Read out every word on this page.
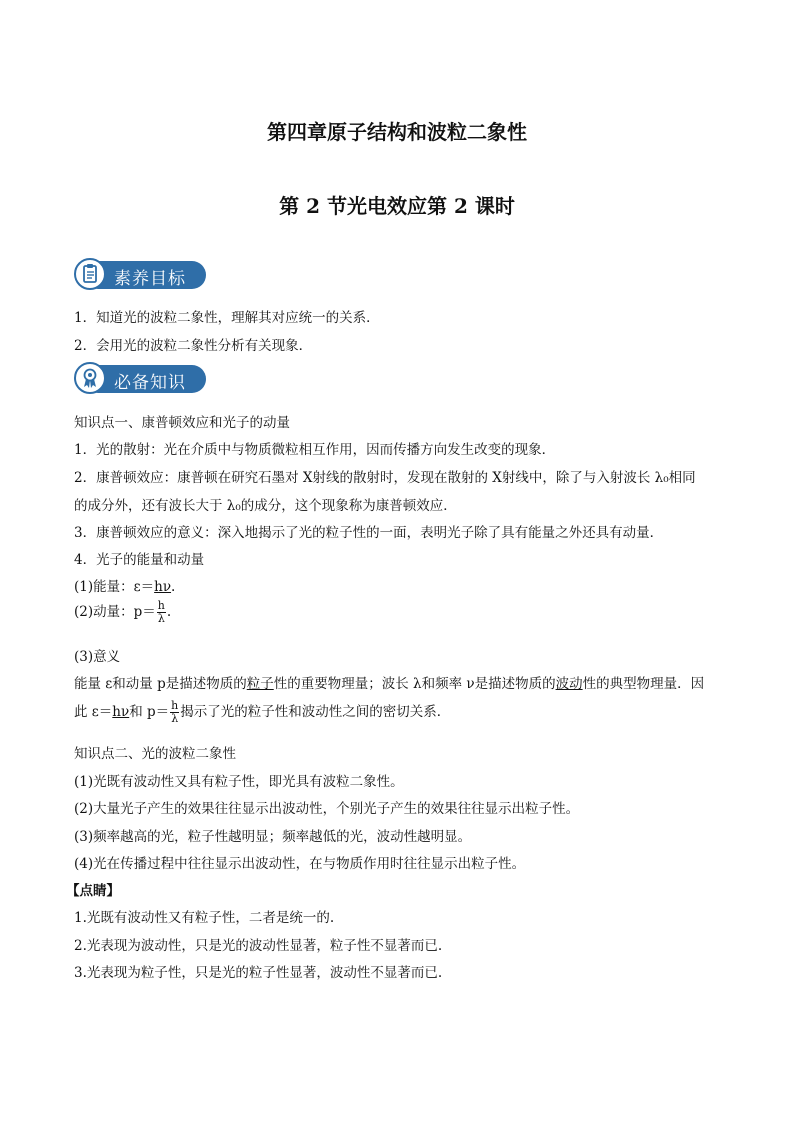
第四章原子结构和波粒二象性
第 2 节光电效应第 2 课时
素养目标
1．知道光的波粒二象性，理解其对应统一的关系．
2．会用光的波粒二象性分析有关现象．
必备知识
知识点一、康普顿效应和光子的动量
1．光的散射：光在介质中与物质微粒相互作用，因而传播方向发生改变的现象．
2．康普顿效应：康普顿在研究石墨对 X射线的散射时，发现在散射的 X射线中，除了与入射波长 λ₀相同
的成分外，还有波长大于 λ₀的成分，这个现象称为康普顿效应．
3．康普顿效应的意义：深入地揭示了光的粒子性的一面，表明光子除了具有能量之外还具有动量．
4．光子的能量和动量
(1)能量：ε＝hν.
(2)动量：$p= \frac{h}{\lambda}$ .
(3)意义
能量 ε和动量 p是描述物质的粒子性的重要物理量；波长 λ和频率 ν是描述物质的波动性的典型物理量．因
此 ε＝hν和 $p= \frac{h}{\lambda}$ 揭示了光的粒子性和波动性之间的密切关系．
知识点二、光的波粒二象性
(1)光既有波动性又具有粒子性，即光具有波粒二象性。
(2)大量光子产生的效果往往显示出波动性，个别光子产生的效果往往显示出粒子性。
(3)频率越高的光，粒子性越明显；频率越低的光，波动性越明显。
(4)光在传播过程中往往显示出波动性，在与物质作用时往往显示出粒子性。
【点睛】
1.光既有波动性又有粒子性，二者是统一的.
2.光表现为波动性，只是光的波动性显著，粒子性不显著而已.
3.光表现为粒子性，只是光的粒子性显著，波动性不显著而已.
